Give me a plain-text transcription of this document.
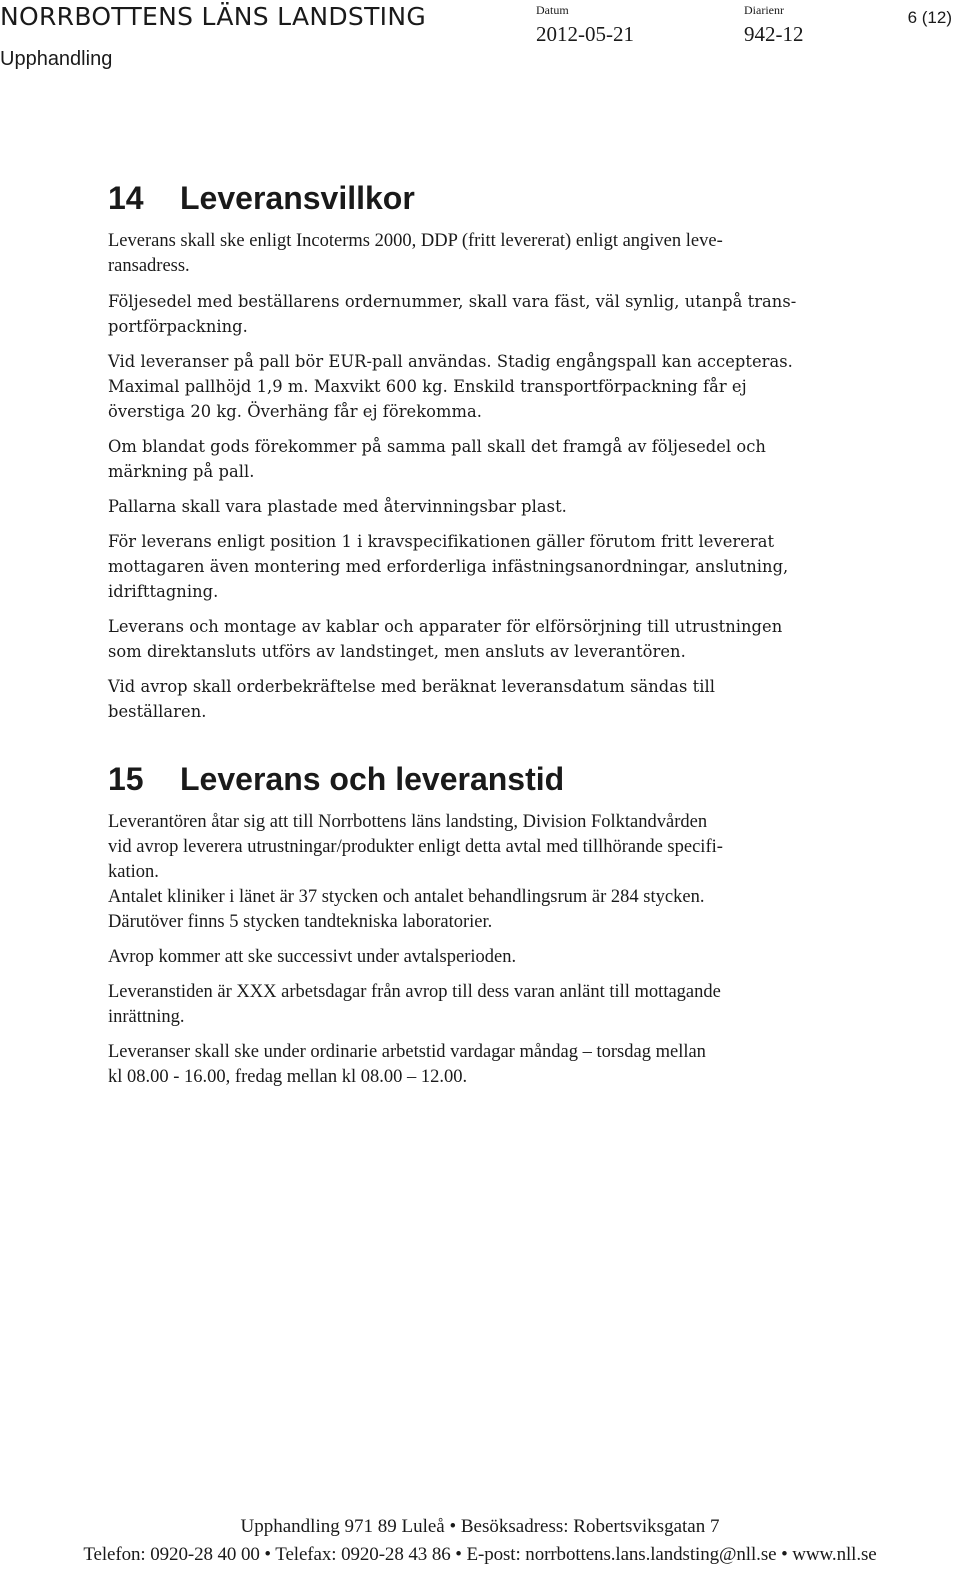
NORRBOTTENS LÄNS LANDSTING
Upphandling
Datum
2012-05-21
Diarienr
942-12
6 (12)
14 Leveransvillkor

Leverans skall ske enligt Incoterms 2000, DDP (fritt levererat) enligt angiven leve-
ransadress.

Följesedel med beställarens ordernummer, skall vara fäst, väl synlig, utanpå trans-
portförpackning.

Vid leveranser på pall bör EUR-pall användas. Stadig engångspall kan accepteras.
Maximal pallhöjd 1,9 m. Maxvikt 600 kg. Enskild transportförpackning får ej
överstiga 20 kg. Överhäng får ej förekomma.

Om blandat gods förekommer på samma pall skall det framgå av följesedel och
märkning på pall.

Pallarna skall vara plastade med återvinningsbar plast.

För leverans enligt position 1 i kravspecifikationen gäller förutom fritt levererat
mottagaren även montering med erforderliga infästningsanordningar, anslutning,
idrifttagning.

Leverans och montage av kablar och apparater för elförsörjning till utrustningen
som direktansluts utförs av landstinget, men ansluts av leverantören.

Vid avrop skall orderbekräftelse med beräknat leveransdatum sändas till
beställaren.

15 Leverans och leveranstid

Leverantören åtar sig att till Norrbottens läns landsting, Division Folktandvården
vid avrop leverera utrustningar/produkter enligt detta avtal med tillhörande specifi-
kation.
Antalet kliniker i länet är 37 stycken och antalet behandlingsrum är 284 stycken.
Därutöver finns 5 stycken tandtekniska laboratorier.

Avrop kommer att ske successivt under avtalsperioden.

Leveranstiden är XXX arbetsdagar från avrop till dess varan anlänt till mottagande
inrättning.

Leveranser skall ske under ordinarie arbetstid vardagar måndag – torsdag mellan
kl 08.00 - 16.00, fredag mellan kl 08.00 – 12.00.

Upphandling 971 89 Luleå • Besöksadress: Robertsviksgatan 7
Telefon: 0920-28 40 00 • Telefax: 0920-28 43 86 • E-post: norrbottens.lans.landsting@nll.se • www.nll.se
